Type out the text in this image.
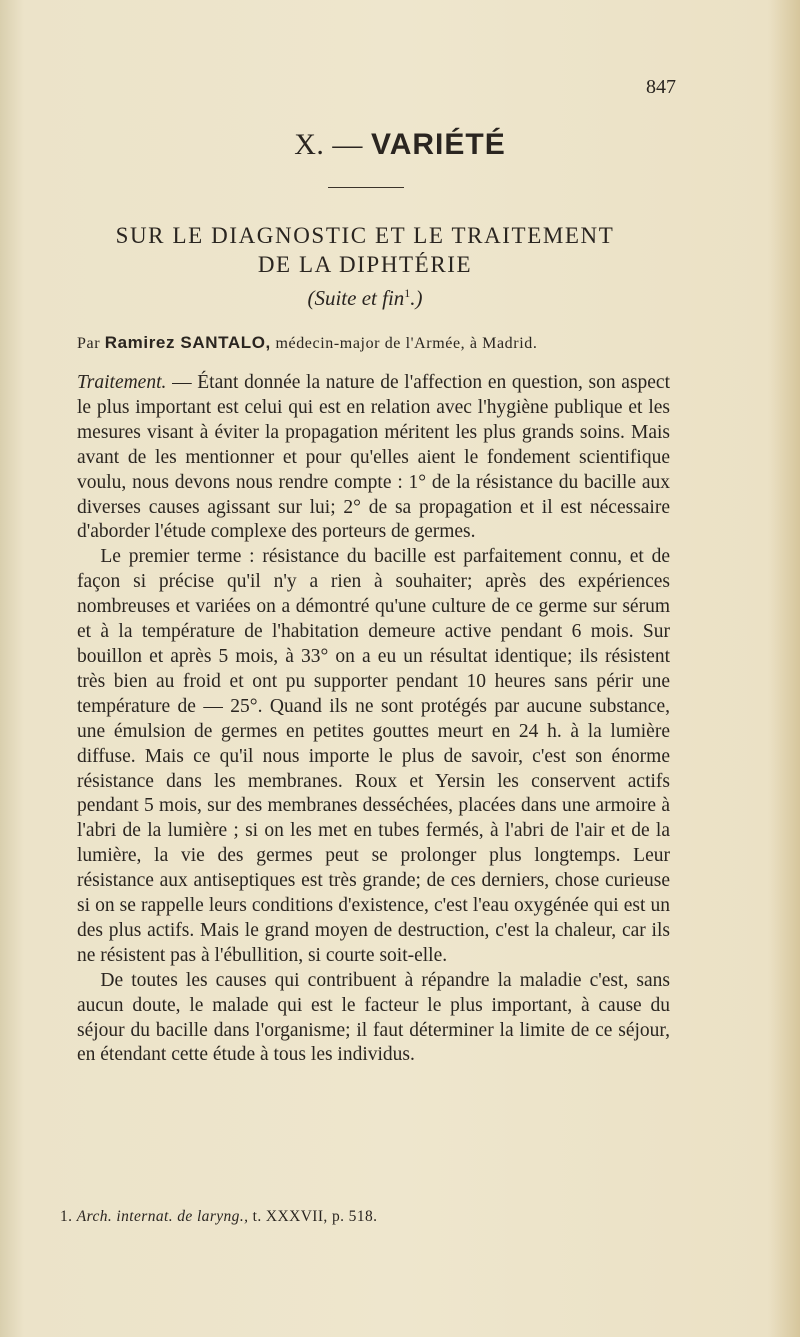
847
X. — VARIÉTÉ
SUR LE DIAGNOSTIC ET LE TRAITEMENT
DE LA DIPHTÉRIE
(Suite et fin$^1$.)
Par Ramirez SANTALO, médecin-major de l'Armée, à Madrid.

Traitement. — Étant donnée la nature de l'affection en question, son aspect le plus important est celui qui est en relation avec l'hygiène publique et les mesures visant à éviter la propagation méritent les plus grands soins. Mais avant de les mentionner et pour qu'elles aient le fondement scientifique voulu, nous devons nous rendre compte : 1° de la résistance du bacille aux diverses causes agissant sur lui; 2° de sa propagation et il est nécessaire d'aborder l'étude complexe des porteurs de germes.

Le premier terme : résistance du bacille est parfaitement connu, et de façon si précise qu'il n'y a rien à souhaiter; après des expériences nombreuses et variées on a démontré qu'une culture de ce germe sur sérum et à la température de l'habitation demeure active pendant 6 mois. Sur bouillon et après 5 mois, à 33° on a eu un résultat identique; ils résistent très bien au froid et ont pu supporter pendant 10 heures sans périr une température de — 25°. Quand ils ne sont protégés par aucune substance, une émulsion de germes en petites gouttes meurt en 24 h. à la lumière diffuse. Mais ce qu'il nous importe le plus de savoir, c'est son énorme résistance dans les membranes. Roux et Yersin les conservent actifs pendant 5 mois, sur des membranes desséchées, placées dans une armoire à l'abri de la lumière ; si on les met en tubes fermés, à l'abri de l'air et de la lumière, la vie des germes peut se prolonger plus longtemps. Leur résistance aux antiseptiques est très grande; de ces derniers, chose curieuse si on se rappelle leurs conditions d'existence, c'est l'eau oxygénée qui est un des plus actifs. Mais le grand moyen de destruction, c'est la chaleur, car ils ne résistent pas à l'ébullition, si courte soit-elle.

De toutes les causes qui contribuent à répandre la maladie c'est, sans aucun doute, le malade qui est le facteur le plus important, à cause du séjour du bacille dans l'organisme; il faut déterminer la limite de ce séjour, en étendant cette étude à tous les individus.

1. Arch. internat. de laryng., t. XXXVII, p. 518.
